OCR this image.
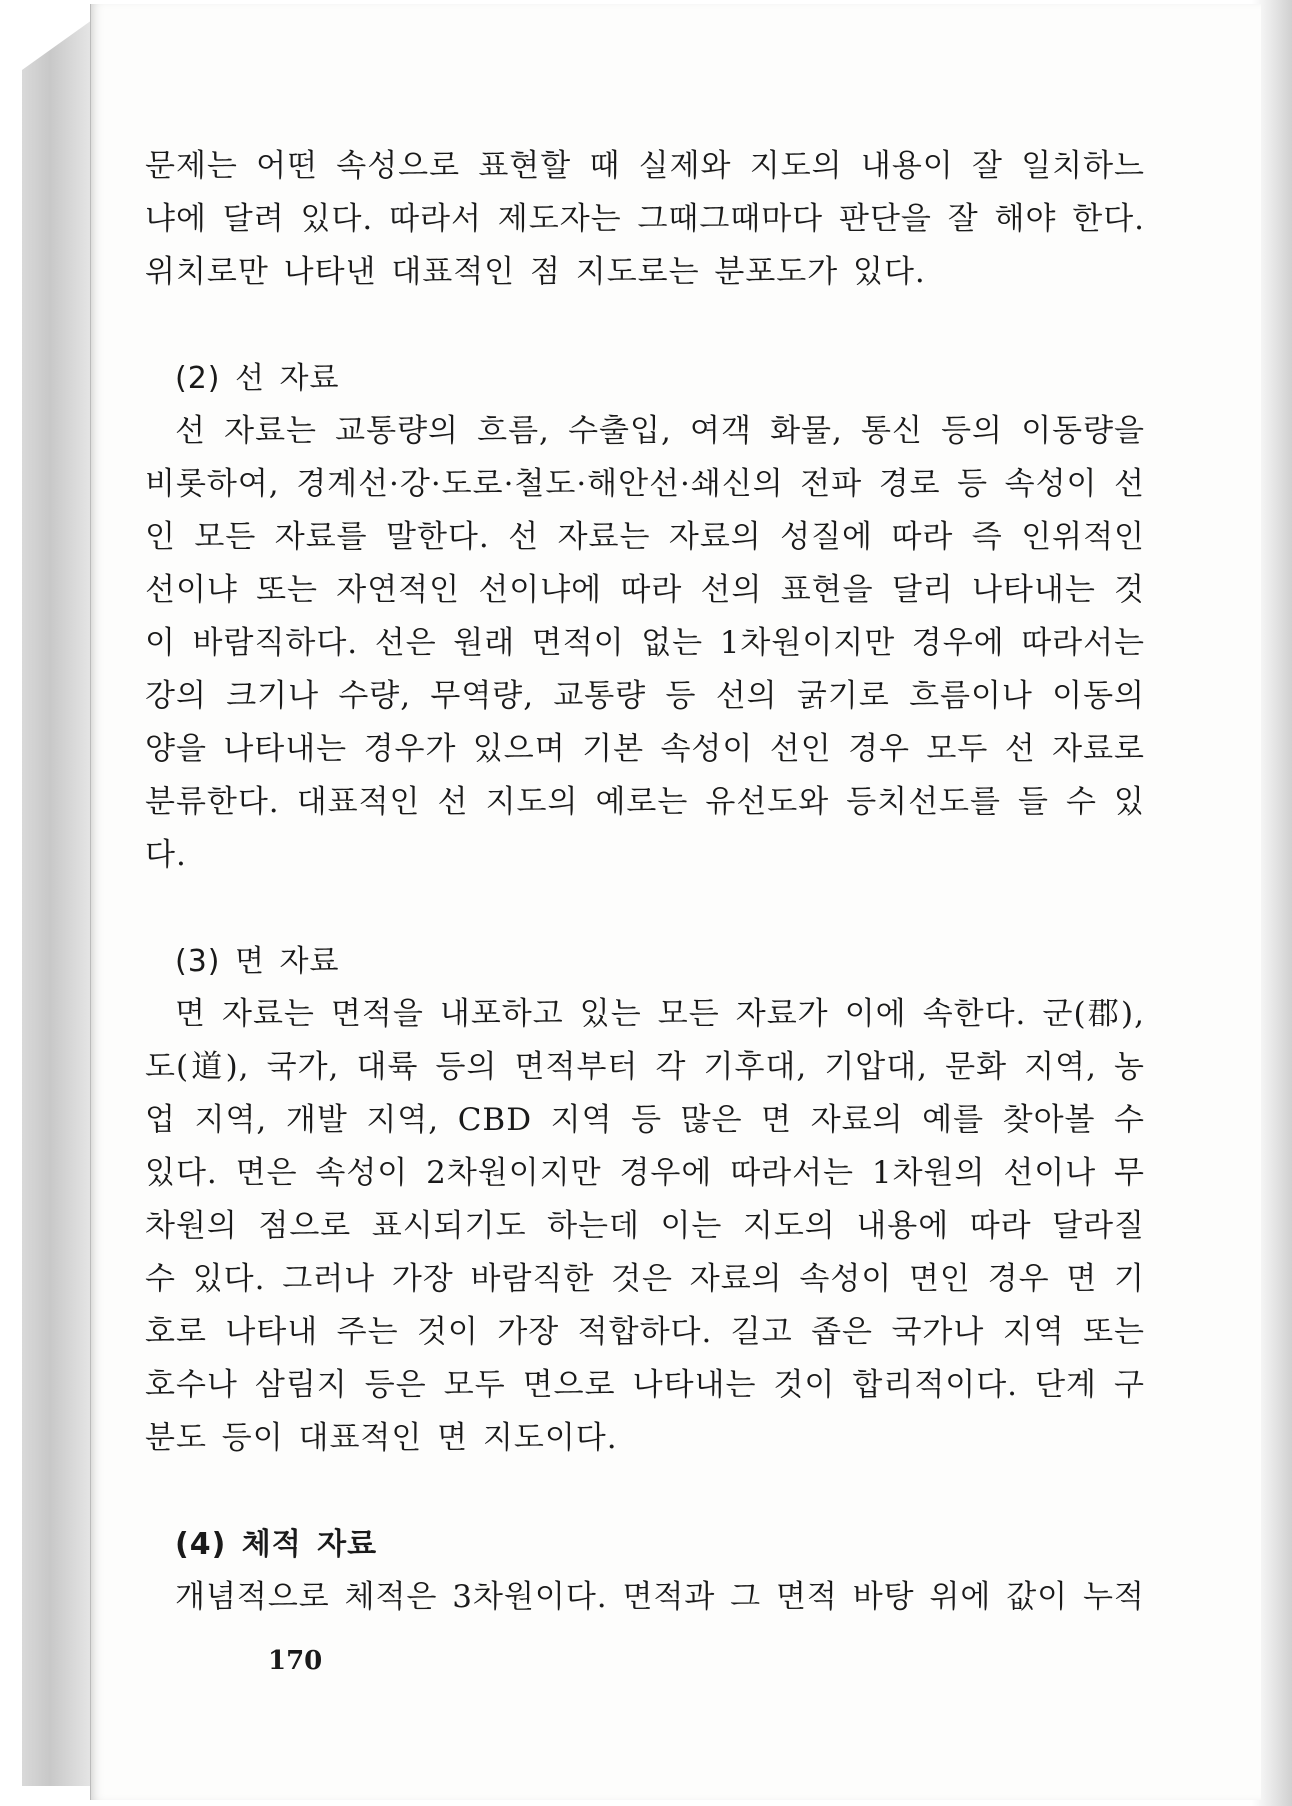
문제는 어떤 속성으로 표현할 때 실제와 지도의 내용이 잘 일치하느냐에 달려 있다. 따라서 제도자는 그때그때마다 판단을 잘 해야 한다. 위치로만 나타낸 대표적인 점 지도로는 분포도가 있다.

(2) 선 자료

선 자료는 교통량의 흐름, 수출입, 여객 화물, 통신 등의 이동량을 비롯하여, 경계선·강·도로·철도·해안선·쇄신의 전파 경로 등 속성이 선인 모든 자료를 말한다. 선 자료는 자료의 성질에 따라 즉 인위적인 선이냐 또는 자연적인 선이냐에 따라 선의 표현을 달리 나타내는 것이 바람직하다. 선은 원래 면적이 없는 1차원이지만 경우에 따라서는 강의 크기나 수량, 무역량, 교통량 등 선의 굵기로 흐름이나 이동의 양을 나타내는 경우가 있으며 기본 속성이 선인 경우 모두 선 자료로 분류한다. 대표적인 선 지도의 예로는 유선도와 등치선도를 들 수 있다.

(3) 면 자료

면 자료는 면적을 내포하고 있는 모든 자료가 이에 속한다. 군(郡), 도(道), 국가, 대륙 등의 면적부터 각 기후대, 기압대, 문화 지역, 농업 지역, 개발 지역, CBD 지역 등 많은 면 자료의 예를 찾아볼 수 있다. 면은 속성이 2차원이지만 경우에 따라서는 1차원의 선이나 무차원의 점으로 표시되기도 하는데 이는 지도의 내용에 따라 달라질 수 있다. 그러나 가장 바람직한 것은 자료의 속성이 면인 경우 면 기호로 나타내 주는 것이 가장 적합하다. 길고 좁은 국가나 지역 또는 호수나 삼림지 등은 모두 면으로 나타내는 것이 합리적이다. 단계 구분도 등이 대표적인 면 지도이다.

(4) 체적 자료

개념적으로 체적은 3차원이다. 면적과 그 면적 바탕 위에 값이 누적

170
